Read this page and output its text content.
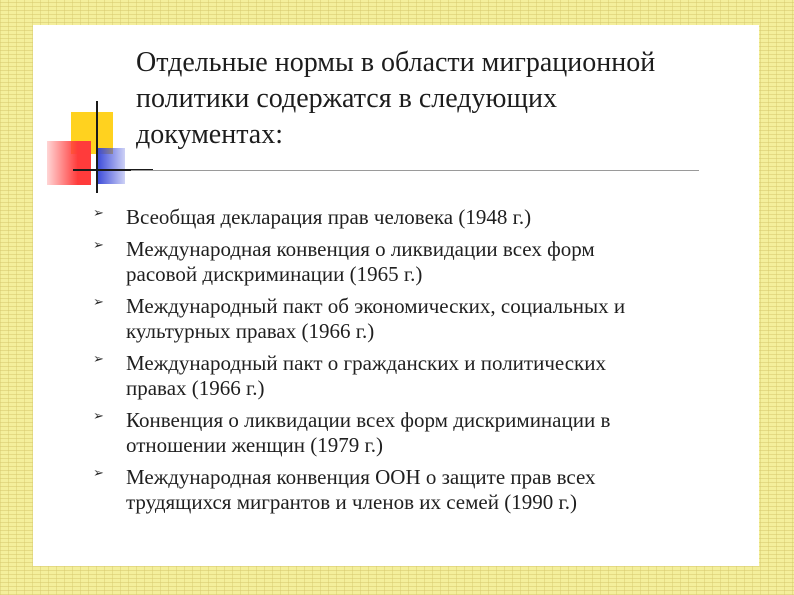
Отдельные нормы в области миграционной
политики содержатся в следующих
документах:
➢ Всеобщая декларация прав человека (1948 г.)
➢ Международная конвенция о ликвидации всех форм
расовой дискриминации (1965 г.)
➢ Международный пакт об экономических, социальных и
культурных правах (1966 г.)
➢ Международный пакт о гражданских и политических
правах (1966 г.)
➢ Конвенция о ликвидации всех форм дискриминации в
отношении женщин (1979 г.)
➢ Международная конвенция ООН о защите прав всех
трудящихся мигрантов и членов их семей (1990 г.)
